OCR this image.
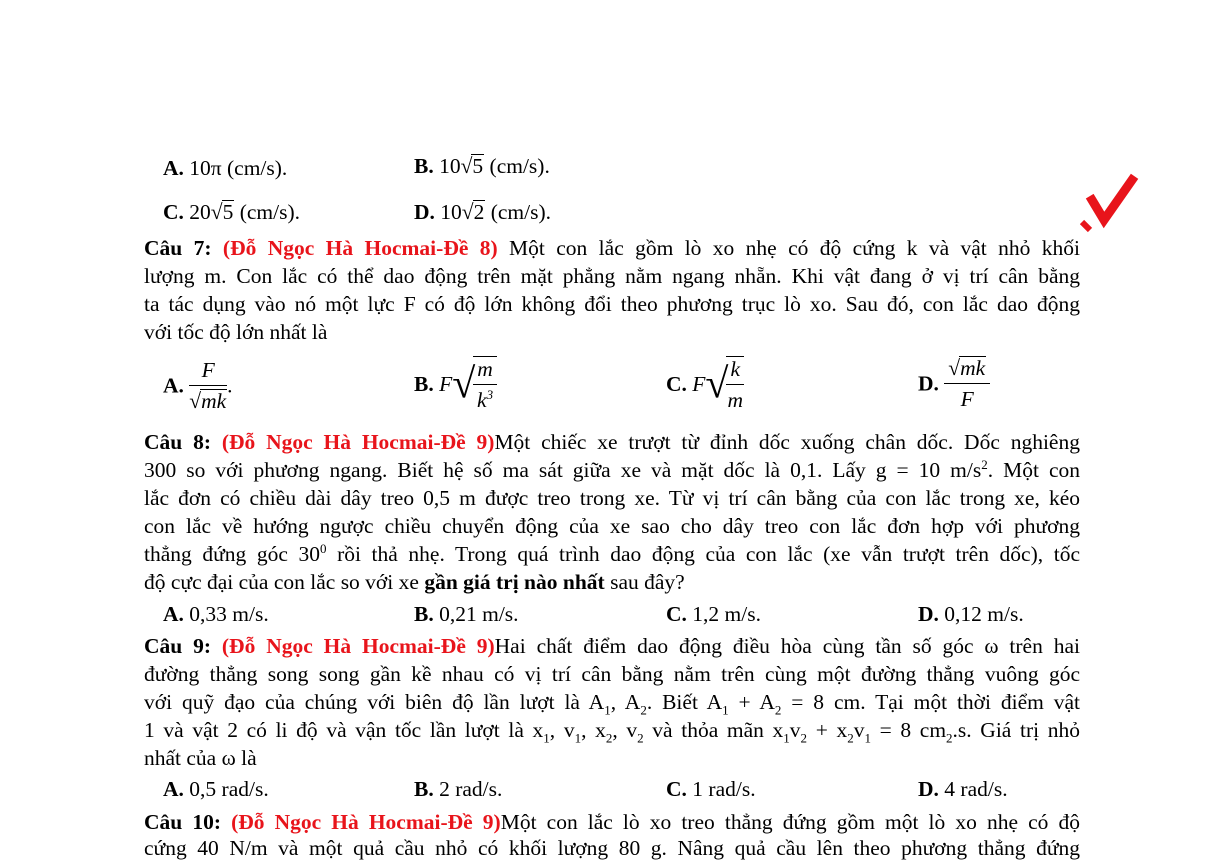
A. 10π (cm/s).	B. 10√5 (cm/s).
C. 20√5 (cm/s).	D. 10√2 (cm/s).
Câu 7: (Đỗ Ngọc Hà Hocmai-Đề 8) Một con lắc gồm lò xo nhẹ có độ cứng k và vật nhỏ khối
lượng m. Con lắc có thể dao động trên mặt phẳng nằm ngang nhẵn. Khi vật đang ở vị trí cân bằng
ta tác dụng vào nó một lực F có độ lớn không đổi theo phương trục lò xo. Sau đó, con lắc dao động
với tốc độ lớn nhất là
A. $\frac{F}{√mk}$ .	B. F√
$\frac{m}{k^3}$	C. F√
$\frac{k}{m}$	D. $\frac{√mk}{F}$
Câu 8: (Đỗ Ngọc Hà Hocmai-Đề 9)Một chiếc xe trượt từ đỉnh dốc xuống chân dốc. Dốc nghiêng
300 so với phương ngang. Biết hệ số ma sát giữa xe và mặt dốc là 0,1. Lấy g = 10 $m/s^2$. Một con
lắc đơn có chiều dài dây treo 0,5 m được treo trong xe. Từ vị trí cân bằng của con lắc trong xe, kéo
con lắc về hướng ngược chiều chuyển động của xe sao cho dây treo con lắc đơn hợp với phương
thẳng đứng góc $30^0$ rồi thả nhẹ. Trong quá trình dao động của con lắc (xe vẫn trượt trên dốc), tốc
độ cực đại của con lắc so với xe gần giá trị nào nhất sau đây?
A. 0,33 m/s.	B. 0,21 m/s.	C. 1,2 m/s.	D. 0,12 m/s.
Câu 9: (Đỗ Ngọc Hà Hocmai-Đề 9)Hai chất điểm dao động điều hòa cùng tần số góc ω trên hai
đường thẳng song song gần kề nhau có vị trí cân bằng nằm trên cùng một đường thẳng vuông góc
với quỹ đạo của chúng với biên độ lần lượt là $A_1$, $A_2$. Biết $A_1 + A_2 = 8$ cm. Tại một thời điểm vật
1 và vật 2 có li độ và vận tốc lần lượt là $x_1$, $v_1$, $x_2$, $v_2$ và thỏa mãn $x_1v_2 + x_2v_1 = 8$ $cm_2.s$. Giá trị nhỏ
nhất của ω là
A. 0,5 rad/s.	B. 2 rad/s.	C. 1 rad/s.	D. 4 rad/s.
Câu 10: (Đỗ Ngọc Hà Hocmai-Đề 9)Một con lắc lò xo treo thẳng đứng gồm một lò xo nhẹ có độ
cứng 40 N/m và một quả cầu nhỏ có khối lượng 80 g. Nâng quả cầu lên theo phương thẳng đứng
